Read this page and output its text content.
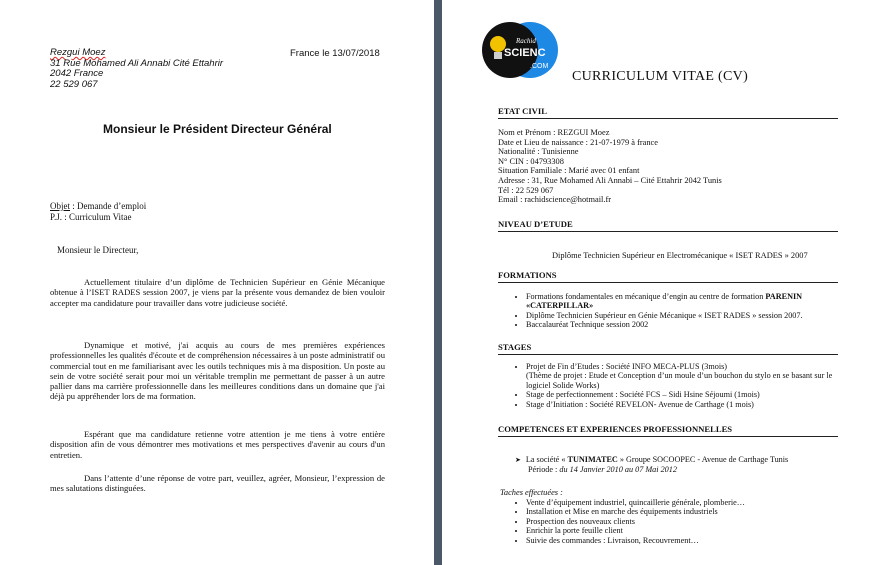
Rezgui Moez
31 Rue Mohamed Ali Annabi Cité Ettahrir
2042 France
22 529 067
France le 13/07/2018
Monsieur le Président Directeur Général
Objet : Demande d’emploi
P.J. : Curriculum Vitae
Monsieur le Directeur,
Actuellement titulaire d’un diplôme de Technicien Supérieur en Génie Mécanique obtenue à l’ISET RADES session 2007, je viens par la présente vous demandez de bien vouloir accepter ma candidature pour travailler dans votre judicieuse société.
Dynamique et motivé, j'ai acquis au cours de mes premières expériences professionnelles les qualités d'écoute et de compréhension nécessaires à un poste administratif ou commercial tout en me familiarisant avec les outils techniques mis à ma disposition. Un poste au sein de votre société serait pour moi un véritable tremplin me permettant de passer à un autre pallier dans ma carrière professionnelle dans les meilleures conditions dans un domaine que j'ai déjà pu appréhender lors de ma formation.
Espérant que ma candidature retienne votre attention je me tiens à votre entière disposition afin de vous démontrer mes motivations et mes perspectives d'avenir au cours d'un entretien.
Dans l’attente d’une réponse de votre part, veuillez, agréer, Monsieur, l’expression de mes salutations distinguées.
Rachid
SCIENC
.COM
CURRICULUM VITAE (CV)
ETAT CIVIL
Nom et Prénom : REZGUI Moez
Date et Lieu de naissance : 21-07-1979 à france
Nationalité : Tunisienne
N° CIN : 04793308
Situation Familiale : Marié avec 01 enfant
Adresse : 31, Rue Mohamed Ali Annabi – Cité Ettahrir 2042 Tunis
Tél : 22 529 067
Email : rachidscience@hotmail.fr
NIVEAU D’ETUDE
Diplôme Technicien Supérieur en Electromécanique « ISET RADES » 2007
FORMATIONS
• Formations fondamentales en mécanique d’engin au centre de formation PARENIN «CATERPILLAR»
• Diplôme Technicien Supérieur en Génie Mécanique « ISET RADES » session 2007.
• Baccalauréat Technique session 2002
STAGES
• Projet de Fin d’Etudes : Société INFO MECA-PLUS (3mois)
(Thème de projet : Etude et Conception d’un moule d’un bouchon du stylo en se basant sur le logiciel Solide Works)
• Stage de perfectionnement : Société FCS – Sidi Hsine Séjoumi (1mois)
• Stage d’Initiation : Société REVELON- Avenue de Carthage (1 mois)
COMPETENCES ET EXPERIENCES PROFESSIONNELLES
➤ La société « TUNIMATEC » Groupe SOCOOPEC - Avenue de Carthage Tunis
Période : du 14 Janvier 2010 au 07 Mai 2012
Taches effectuées :
• Vente d’équipement industriel, quincaillerie générale, plomberie…
• Installation et Mise en marche des équipements industriels
• Prospection des nouveaux clients
• Enrichir la porte feuille client
• Suivie des commandes : Livraison, Recouvrement…
